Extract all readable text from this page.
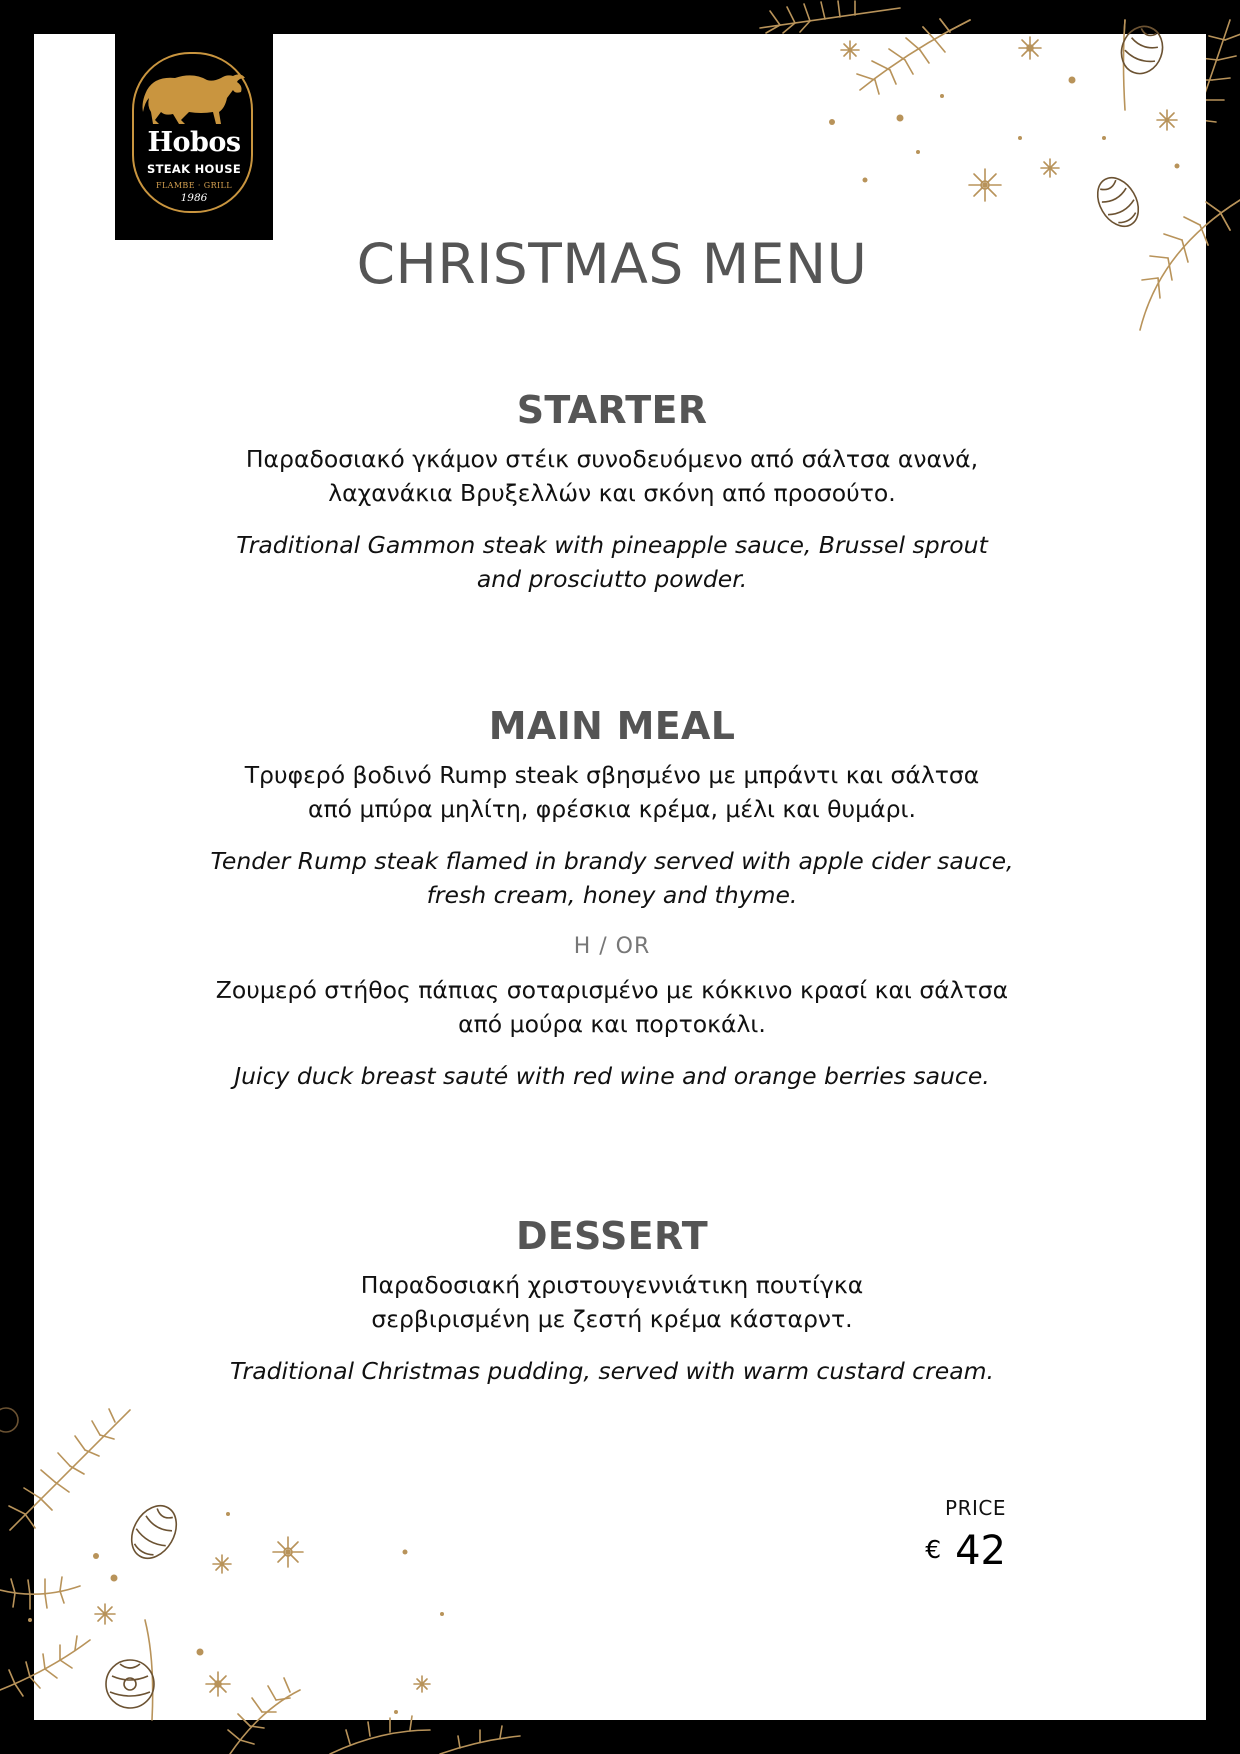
Hobos
STEAK HOUSE
FLAMBE · GRILL
1986
CHRISTMAS MENU
STARTER
Παραδοσιακό γκάμον στέικ συνοδευόμενο από σάλτσα ανανά,
λαχανάκια Βρυξελλών και σκόνη από προσούτο.
Traditional Gammon steak with pineapple sauce, Brussel sprout
and prosciutto powder.
MAIN MEAL
Τρυφερό βοδινό Rump steak σβησμένο με μπράντι και σάλτσα
από μπύρα μηλίτη, φρέσκια κρέμα, μέλι και θυμάρι.
Tender Rump steak flamed in brandy served with apple cider sauce,
fresh cream, honey and thyme.
H / OR
Ζουμερό στήθος πάπιας σοταρισμένο με κόκκινο κρασί και σάλτσα
από μούρα και πορτοκάλι.
Juicy duck breast sauté with red wine and orange berries sauce.
DESSERT
Παραδοσιακή χριστουγεννιάτικη πουτίγκα
σερβιρισμένη με ζεστή κρέμα κάσταρντ.
Traditional Christmas pudding, served with warm custard cream.
PRICE
€ 42
